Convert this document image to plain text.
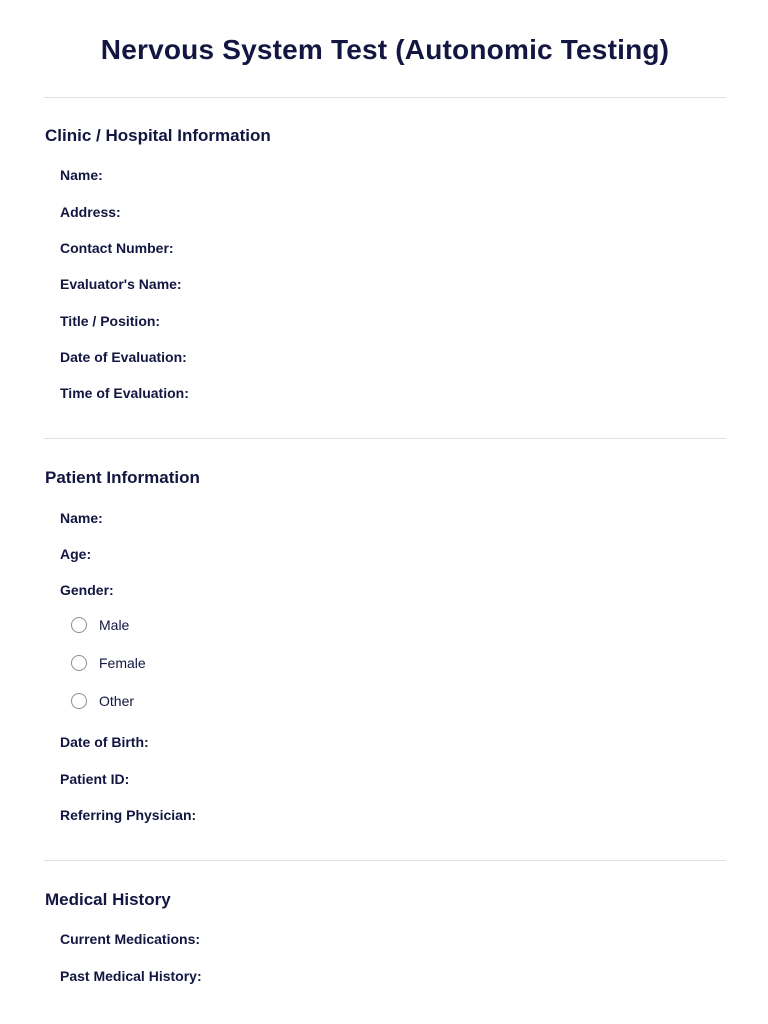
Nervous System Test (Autonomic Testing)
Clinic / Hospital Information
Name:
Address:
Contact Number:
Evaluator's Name:
Title / Position:
Date of Evaluation:
Time of Evaluation:
Patient Information
Name:
Age:
Gender:
Male
Female
Other
Date of Birth:
Patient ID:
Referring Physician:
Medical History
Current Medications:
Past Medical History:
